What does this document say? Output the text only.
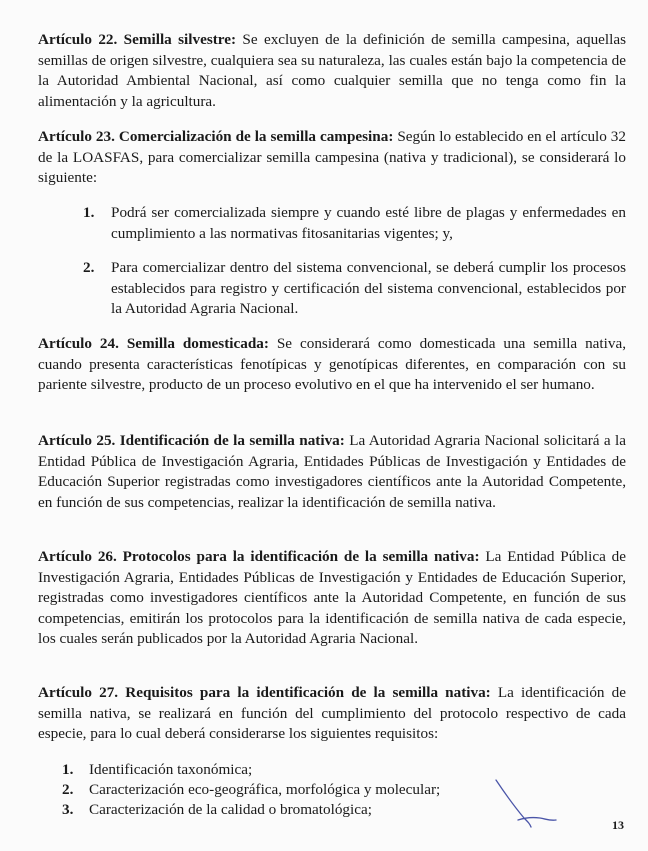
Artículo 22. Semilla silvestre: Se excluyen de la definición de semilla campesina, aquellas semillas de origen silvestre, cualquiera sea su naturaleza, las cuales están bajo la competencia de la Autoridad Ambiental Nacional, así como cualquier semilla que no tenga como fin la alimentación y la agricultura.

Artículo 23. Comercialización de la semilla campesina: Según lo establecido en el artículo 32 de la LOASFAS, para comercializar semilla campesina (nativa y tradicional), se considerará lo siguiente:

1.	Podrá ser comercializada siempre y cuando esté libre de plagas y enfermedades en cumplimiento a las normativas fitosanitarias vigentes; y,
2.	Para comercializar dentro del sistema convencional, se deberá cumplir los procesos establecidos para registro y certificación del sistema convencional, establecidos por la Autoridad Agraria Nacional.

Artículo 24. Semilla domesticada: Se considerará como domesticada una semilla nativa, cuando presenta características fenotípicas y genotípicas diferentes, en comparación con su pariente silvestre, producto de un proceso evolutivo en el que ha intervenido el ser humano.

Artículo 25. Identificación de la semilla nativa: La Autoridad Agraria Nacional solicitará a la Entidad Pública de Investigación Agraria, Entidades Públicas de Investigación y Entidades de Educación Superior registradas como investigadores científicos ante la Autoridad Competente, en función de sus competencias, realizar la identificación de semilla nativa.

Artículo 26. Protocolos para la identificación de la semilla nativa: La Entidad Pública de Investigación Agraria, Entidades Públicas de Investigación y Entidades de Educación Superior, registradas como investigadores científicos ante la Autoridad Competente, en función de sus competencias, emitirán los protocolos para la identificación de semilla nativa de cada especie, los cuales serán publicados por la Autoridad Agraria Nacional.

Artículo 27. Requisitos para la identificación de la semilla nativa: La identificación de semilla nativa, se realizará en función del cumplimiento del protocolo respectivo de cada especie, para lo cual deberá considerarse los siguientes requisitos:

1.	Identificación taxonómica;
2.	Caracterización eco-geográfica, morfológica y molecular;
3.	Caracterización de la calidad o bromatológica;
13
